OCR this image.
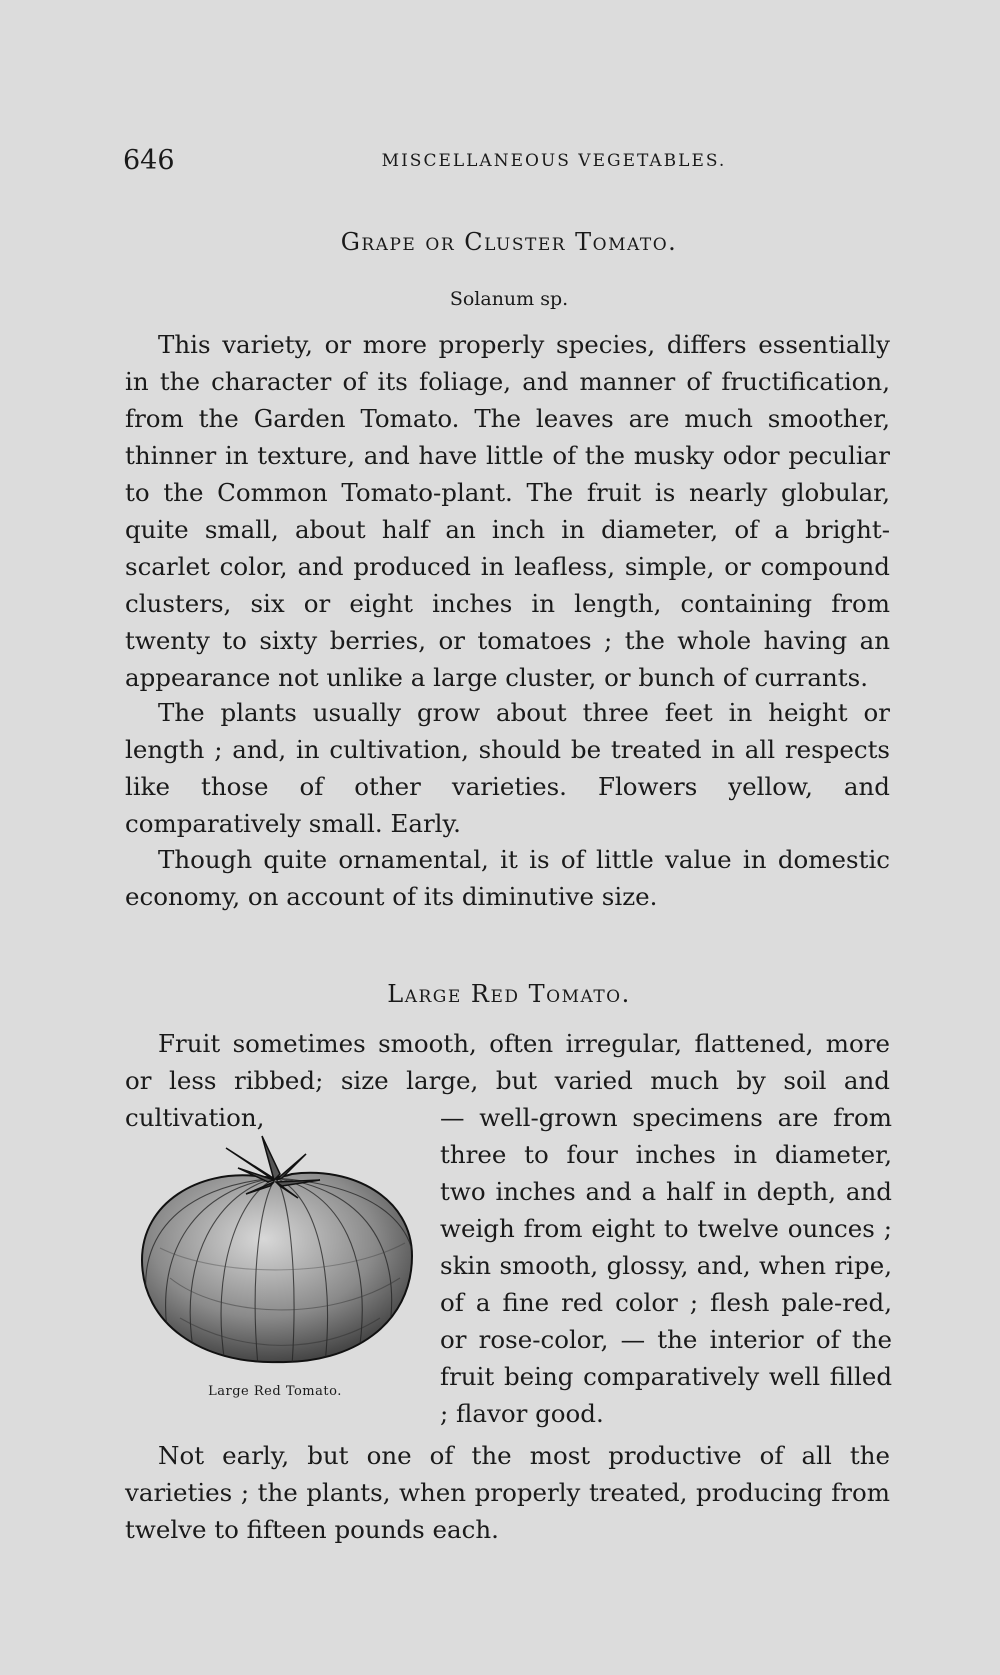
646	MISCELLANEOUS VEGETABLES.
Grape or Cluster Tomato.
Solanum sp.

This variety, or more properly species, differs essentially in the character of its foliage, and manner of fructification, from the Garden Tomato. The leaves are much smoother, thinner in texture, and have little of the musky odor peculiar to the Common Tomato-plant. The fruit is nearly globular, quite small, about half an inch in diameter, of a bright-scarlet color, and produced in leafless, simple, or compound clusters, six or eight inches in length, containing from twenty to sixty berries, or tomatoes ; the whole having an appearance not unlike a large cluster, or bunch of currants.

The plants usually grow about three feet in height or length ; and, in cultivation, should be treated in all respects like those of other varieties. Flowers yellow, and comparatively small. Early.

Though quite ornamental, it is of little value in domestic economy, on account of its diminutive size.

Large Red Tomato.

Fruit sometimes smooth, often irregular, flattened, more or less ribbed; size large, but varied much by soil and cultivation,	— well-grown specimens are from three to four inches in diameter, two inches and a half in depth, and weigh from eight to twelve ounces ; skin smooth, glossy, and, when ripe, of a fine red color ; flesh pale-red, or rose-color, — the interior of the fruit being comparatively well filled ; flavor good.

Large Red Tomato.

Not early, but one of the most productive of all the varieties ; the plants, when properly treated, producing from twelve to fifteen pounds each.
